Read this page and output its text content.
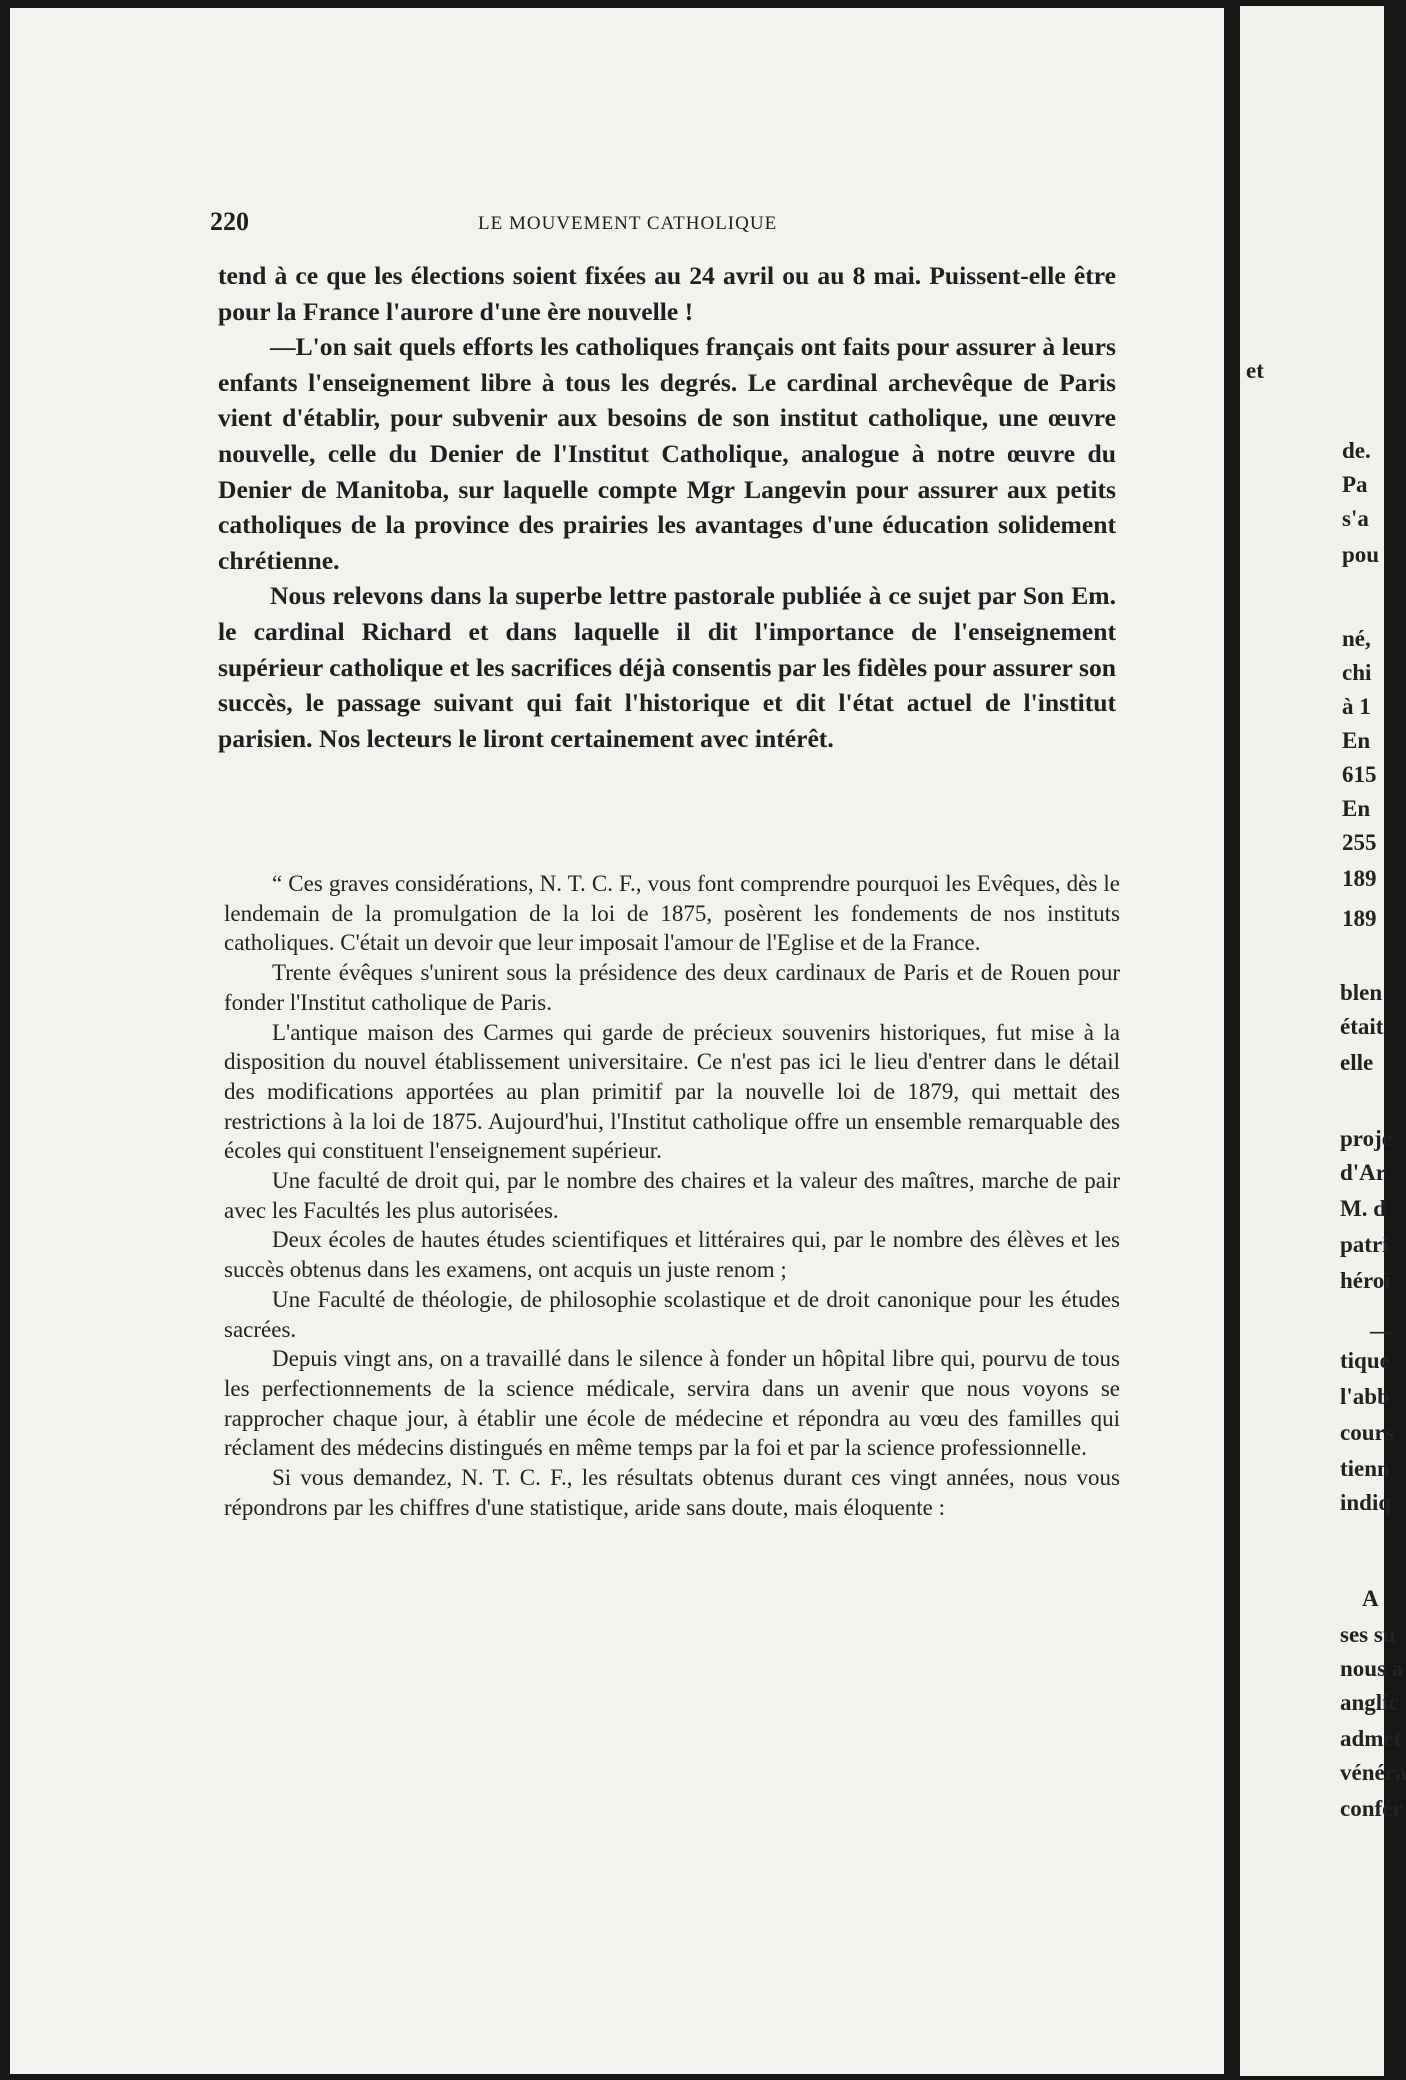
220	LE MOUVEMENT CATHOLIQUE

tend à ce que les élections soient fixées au 24 avril ou au 8 mai. Puissent-elle être pour la France l'aurore d'une ère nouvelle !

—L'on sait quels efforts les catholiques français ont faits pour assurer à leurs enfants l'enseignement libre à tous les degrés. Le cardinal archevêque de Paris vient d'établir, pour subvenir aux besoins de son institut catholique, une œuvre nouvelle, celle du Denier de l'Institut Catholique, analogue à notre œuvre du Denier de Manitoba, sur laquelle compte Mgr Langevin pour assurer aux petits catholiques de la province des prairies les avantages d'une éducation solidement chrétienne.

Nous relevons dans la superbe lettre pastorale publiée à ce sujet par Son Em. le cardinal Richard et dans laquelle il dit l'importance de l'enseignement supérieur catholique et les sacrifices déjà consentis par les fidèles pour assurer son succès, le passage suivant qui fait l'historique et dit l'état actuel de l'institut parisien. Nos lecteurs le liront certainement avec intérêt.

“ Ces graves considérations, N. T. C. F., vous font comprendre pourquoi les Evêques, dès le lendemain de la promulgation de la loi de 1875, posèrent les fondements de nos instituts catholiques. C'était un devoir que leur imposait l'amour de l'Eglise et de la France.

Trente évêques s'unirent sous la présidence des deux cardinaux de Paris et de Rouen pour fonder l'Institut catholique de Paris.

L'antique maison des Carmes qui garde de précieux souvenirs historiques, fut mise à la disposition du nouvel établissement universitaire. Ce n'est pas ici le lieu d'entrer dans le détail des modifications apportées au plan primitif par la nouvelle loi de 1879, qui mettait des restrictions à la loi de 1875. Aujourd'hui, l'Institut catholique offre un ensemble remarquable des écoles qui constituent l'enseignement supérieur.

Une faculté de droit qui, par le nombre des chaires et la valeur des maîtres, marche de pair avec les Facultés les plus autorisées.

Deux écoles de hautes études scientifiques et littéraires qui, par le nombre des élèves et les succès obtenus dans les examens, ont acquis un juste renom ;

Une Faculté de théologie, de philosophie scolastique et de droit canonique pour les études sacrées.

Depuis vingt ans, on a travaillé dans le silence à fonder un hôpital libre qui, pourvu de tous les perfectionnements de la science médicale, servira dans un avenir que nous voyons se rapprocher chaque jour, à établir une école de médecine et répondra au vœu des familles qui réclament des médecins distingués en même temps par la foi et par la science professionnelle.

Si vous demandez, N. T. C. F., les résultats obtenus durant ces vingt années, nous vous répondrons par les chiffres d'une statistique, aride sans doute, mais éloquente :

et
de.
Pa
s'a
pou
né,
chi
à 1
En
615
En
255
189
189
blen
était
elle
proje
d'Ar
M. d
patri
héroï
—
tique
l'abb
cours
tienn
indiq
A
ses su
nous a
anglic
admet
vénéra
confér
